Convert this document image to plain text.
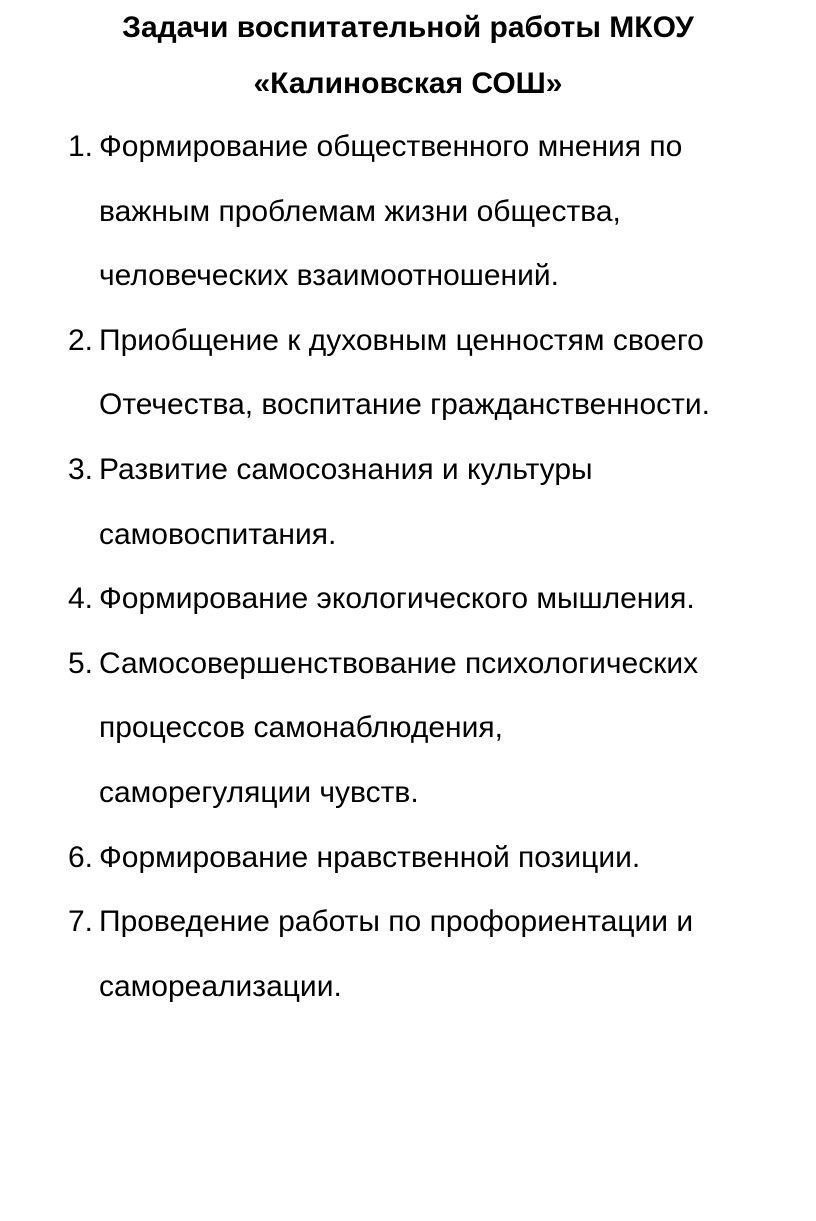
Задачи воспитательной работы МКОУ
«Калиновская СОШ»
1. Формирование общественного мнения по
важным проблемам жизни общества,
человеческих взаимоотношений.
2. Приобщение к духовным ценностям своего
Отечества, воспитание гражданственности.
3. Развитие самосознания и культуры
самовоспитания.
4. Формирование экологического мышления.
5. Самосовершенствование психологических
процессов самонаблюдения,
саморегуляции чувств.
6. Формирование нравственной позиции.
7. Проведение работы по профориентации и
самореализации.
